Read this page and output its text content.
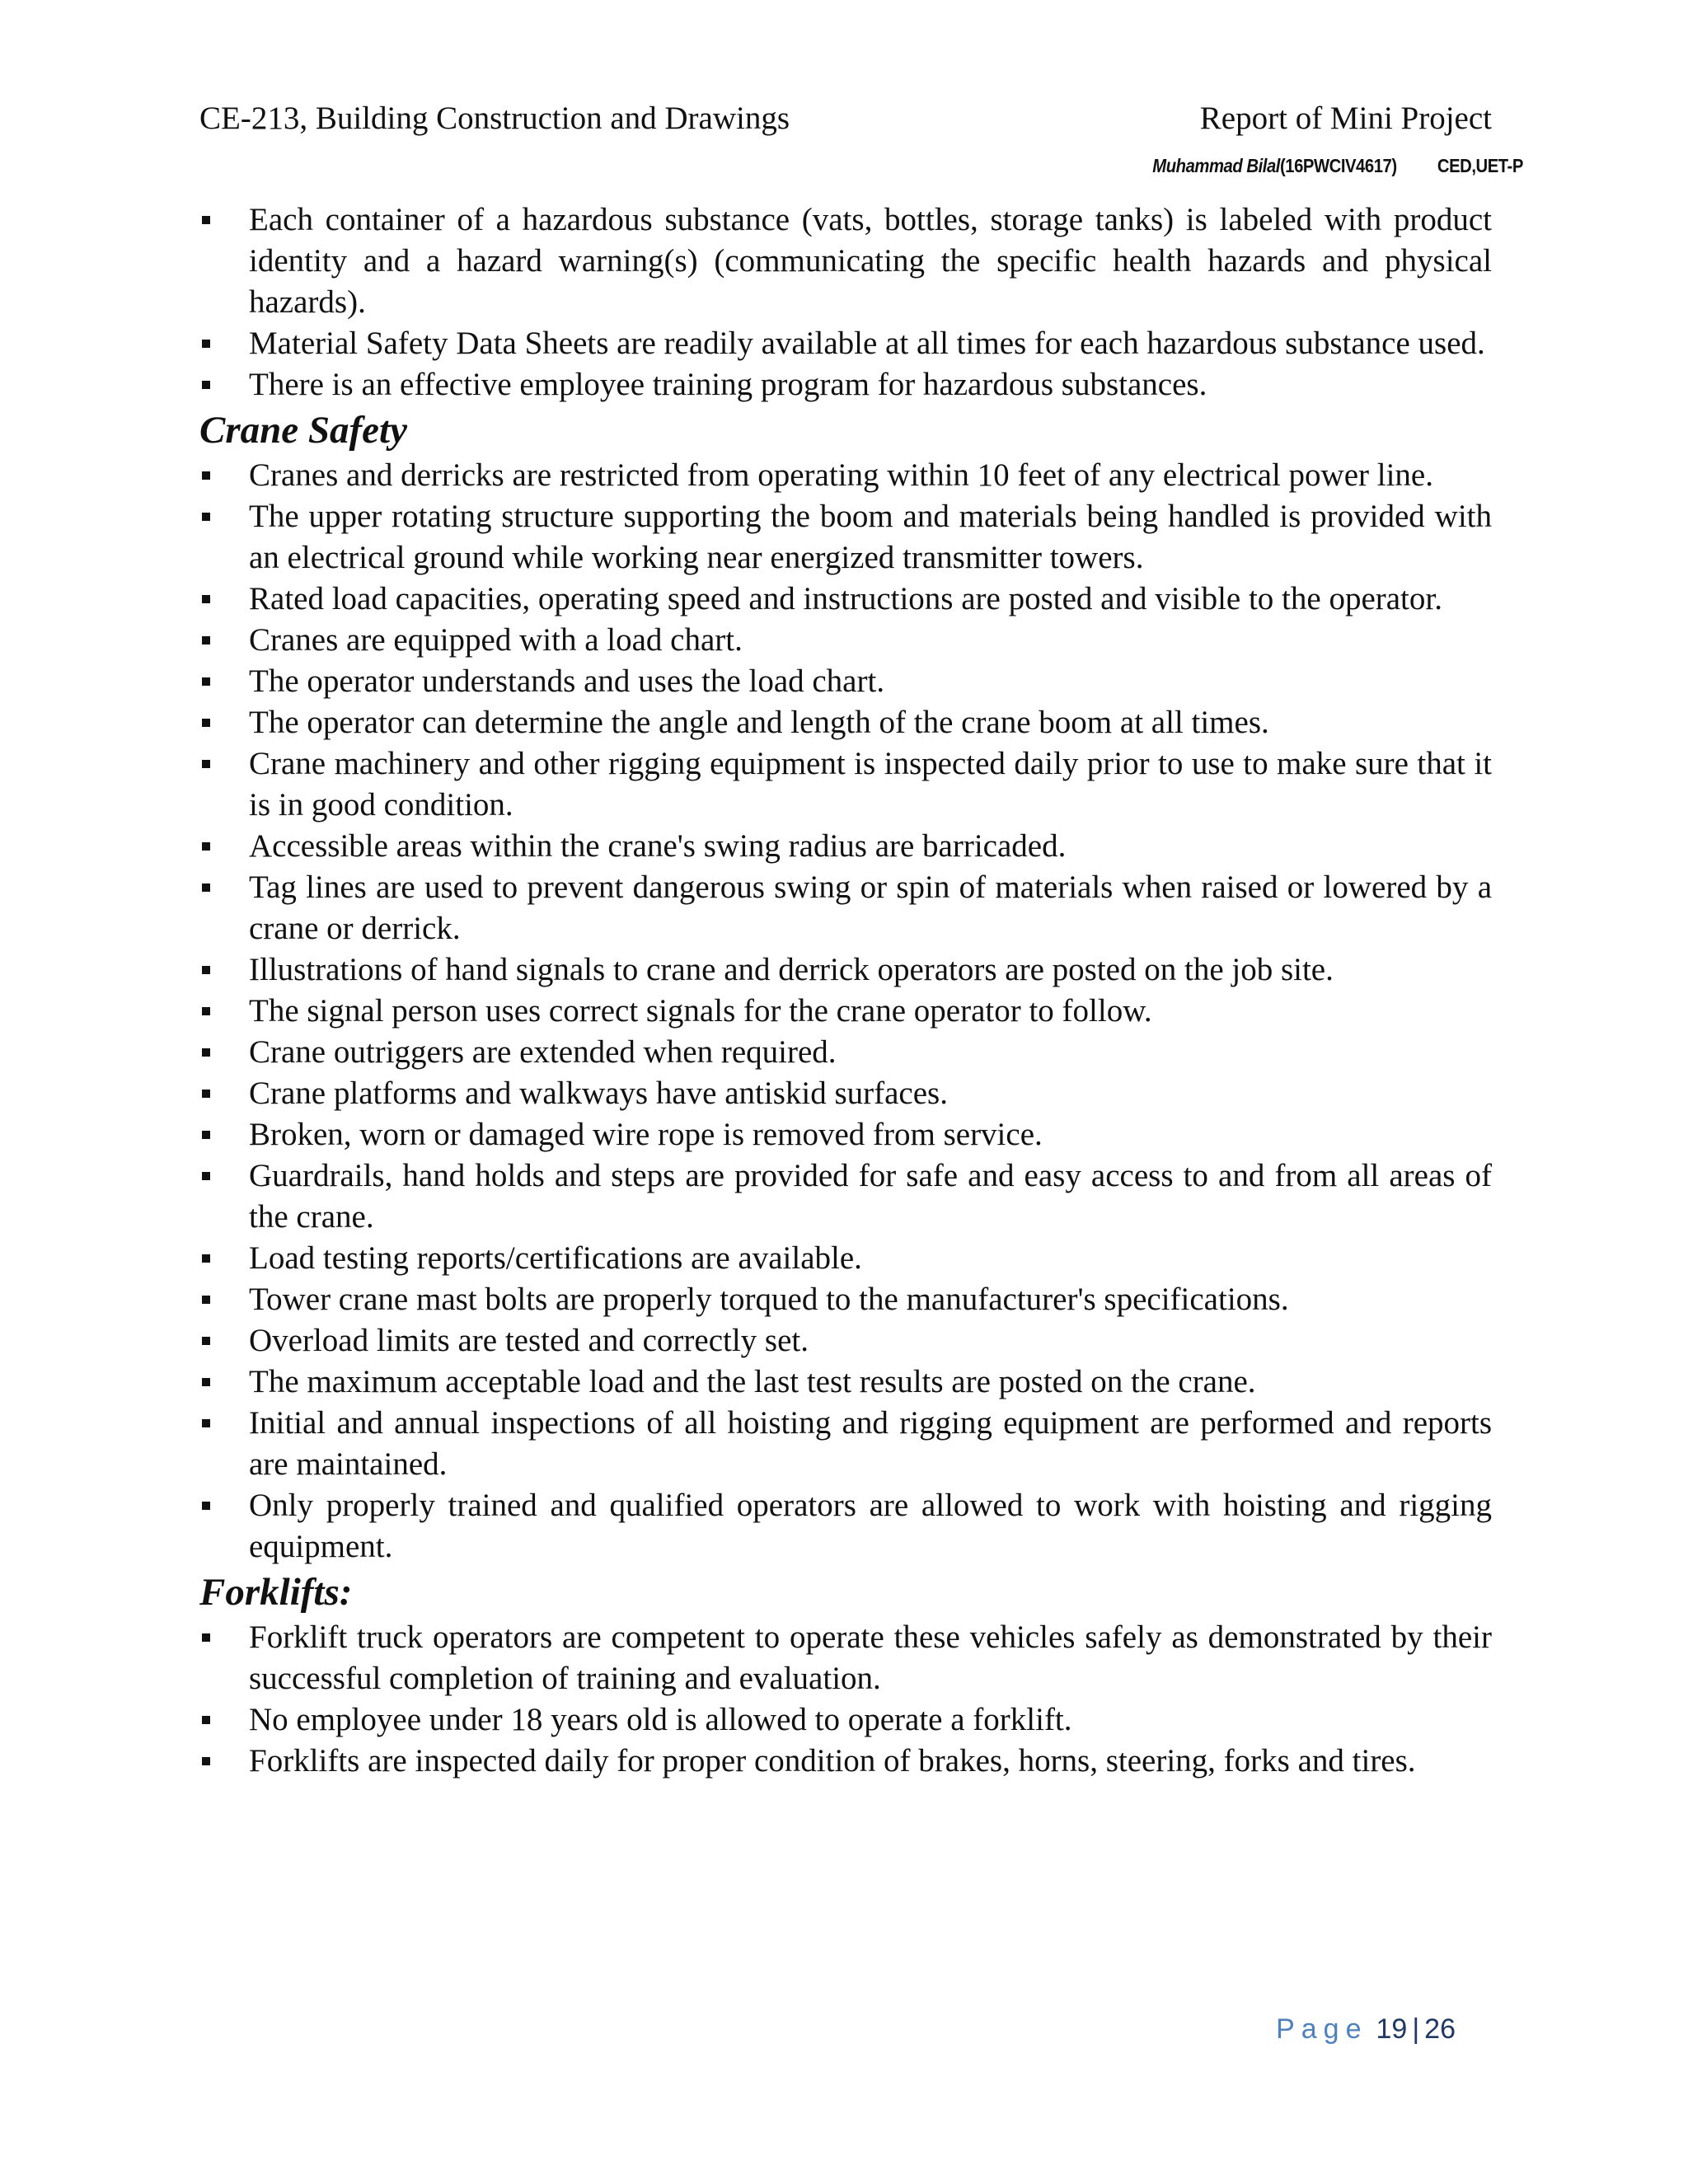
CE-213, Building Construction and Drawings	Report of Mini Project
Muhammad Bilal(16PWCIV4617) CED,UET-P
Each container of a hazardous substance (vats, bottles, storage tanks) is labeled with product identity and a hazard warning(s) (communicating the specific health hazards and physical hazards).
Material Safety Data Sheets are readily available at all times for each hazardous substance used.
There is an effective employee training program for hazardous substances.
Crane Safety
Cranes and derricks are restricted from operating within 10 feet of any electrical power line.
The upper rotating structure supporting the boom and materials being handled is provided with an electrical ground while working near energized transmitter towers.
Rated load capacities, operating speed and instructions are posted and visible to the operator.
Cranes are equipped with a load chart.
The operator understands and uses the load chart.
The operator can determine the angle and length of the crane boom at all times.
Crane machinery and other rigging equipment is inspected daily prior to use to make sure that it is in good condition.
Accessible areas within the crane's swing radius are barricaded.
Tag lines are used to prevent dangerous swing or spin of materials when raised or lowered by a crane or derrick.
Illustrations of hand signals to crane and derrick operators are posted on the job site.
The signal person uses correct signals for the crane operator to follow.
Crane outriggers are extended when required.
Crane platforms and walkways have antiskid surfaces.
Broken, worn or damaged wire rope is removed from service.
Guardrails, hand holds and steps are provided for safe and easy access to and from all areas of the crane.
Load testing reports/certifications are available.
Tower crane mast bolts are properly torqued to the manufacturer's specifications.
Overload limits are tested and correctly set.
The maximum acceptable load and the last test results are posted on the crane.
Initial and annual inspections of all hoisting and rigging equipment are performed and reports are maintained.
Only properly trained and qualified operators are allowed to work with hoisting and rigging equipment.
Forklifts:
Forklift truck operators are competent to operate these vehicles safely as demonstrated by their successful completion of training and evaluation.
No employee under 18 years old is allowed to operate a forklift.
Forklifts are inspected daily for proper condition of brakes, horns, steering, forks and tires.
Page 19 | 26
